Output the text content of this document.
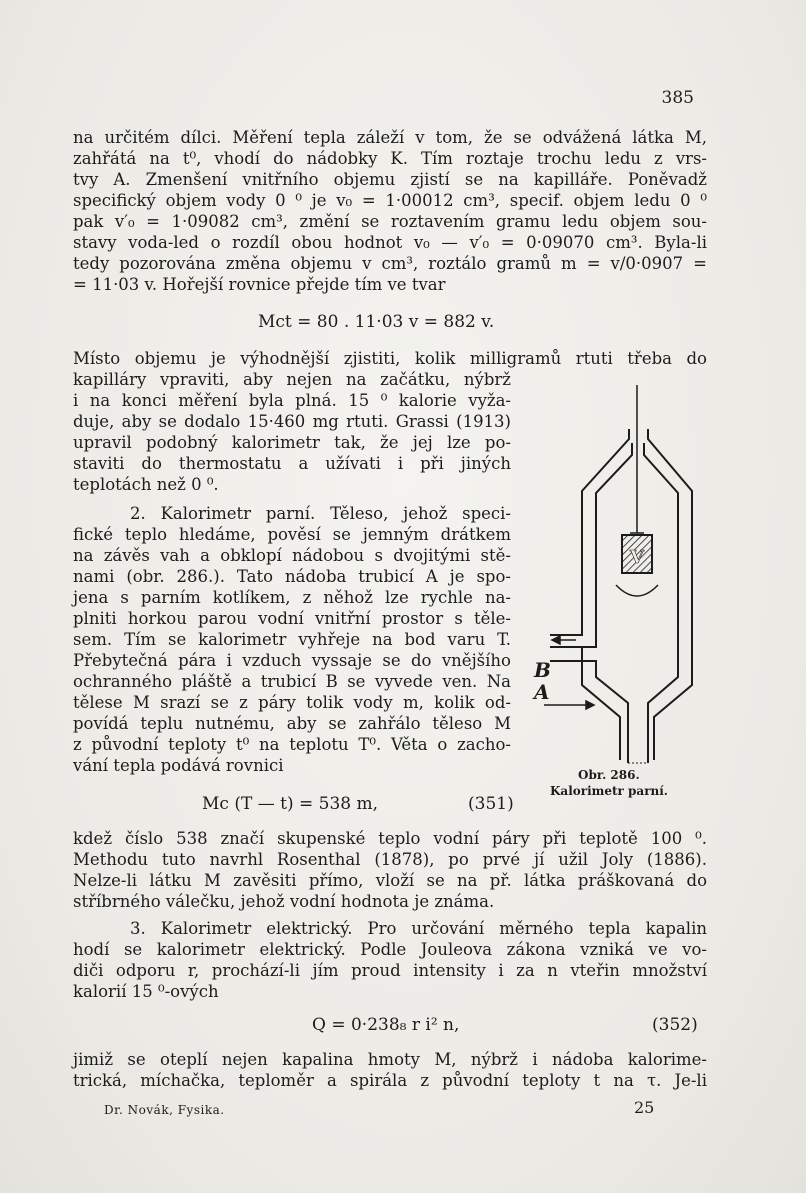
385
na určitém dílci. Měření tepla záleží v tom, že se odvážená látka M,
zahřátá na t⁰, vhodí do nádobky K. Tím roztaje trochu ledu z vrs-
tvy A. Zmenšení vnitřního objemu zjistí se na kapilláře. Poněvadž
specifický objem vody 0 ⁰ je v₀ = 1·00012 cm³, specif. objem ledu 0 ⁰
pak v′₀ = 1·09082 cm³, změní se roztavením gramu ledu objem sou-
stavy voda-led o rozdíl obou hodnot v₀ — v′₀ = 0·09070 cm³. Byla-li
tedy pozorována změna objemu v cm³, roztálo gramů m = v/0·0907 =
= 11·03 v. Hořejší rovnice přejde tím ve tvar
Mct = 80 . 11·03 v = 882 v.
Místo objemu je výhodnější zjistiti, kolik milligramů rtuti třeba do
kapilláry vpraviti, aby nejen na začátku, nýbrž
i na konci měření byla plná. 15 ⁰ kalorie vyža-
duje, aby se dodalo 15·460 mg rtuti. Grassi (1913)
upravil podobný kalorimetr tak, že jej lze po-
staviti do thermostatu a užívati i při jiných
teplotách než 0 ⁰.
2. Kalorimetr parní. Těleso, jehož speci-
fické teplo hledáme, pověsí se jemným drátkem
na závěs vah a obklopí nádobou s dvojitými stě-
nami (obr. 286.). Tato nádoba trubicí A je spo-
jena s parním kotlíkem, z něhož lze rychle na-
plniti horkou parou vodní vnitřní prostor s těle-
sem. Tím se kalorimetr vyhřeje na bod varu T.
Přebytečná pára i vzduch vyssaje se do vnějšího
ochranného pláště a trubicí B se vyvede ven. Na
tělese M srazí se z páry tolik vody m, kolik od-
povídá teplu nutnému, aby se zahřálo těleso M
z původní teploty t⁰ na teplotu T⁰. Věta o zacho-
vání tepla podává rovnici
Mc (T — t) = 538 m,	(351)
V
B
A
Obr. 286.
Kalorimetr parní.
kdež číslo 538 značí skupenské teplo vodní páry při teplotě 100 ⁰.
Methodu tuto navrhl Rosenthal (1878), po prvé jí užil Joly (1886).
Nelze-li látku M zavěsiti přímo, vloží se na př. látka práškovaná do
stříbrného válečku, jehož vodní hodnota je známa.
3. Kalorimetr elektrický. Pro určování měrného tepla kapalin
hodí se kalorimetr elektrický. Podle Jouleova zákona vzniká ve vo-
diči odporu r, prochází-li jím proud intensity i za n vteřin množství
kalorií 15 ⁰-ových
Q = 0·238₈ r i² n,	(352)
jimiž se oteplí nejen kapalina hmoty M, nýbrž i nádoba kalorime-
trická, míchačka, teploměr a spirála z původní teploty t na τ. Je-li
Dr. Novák, Fysika.	25
